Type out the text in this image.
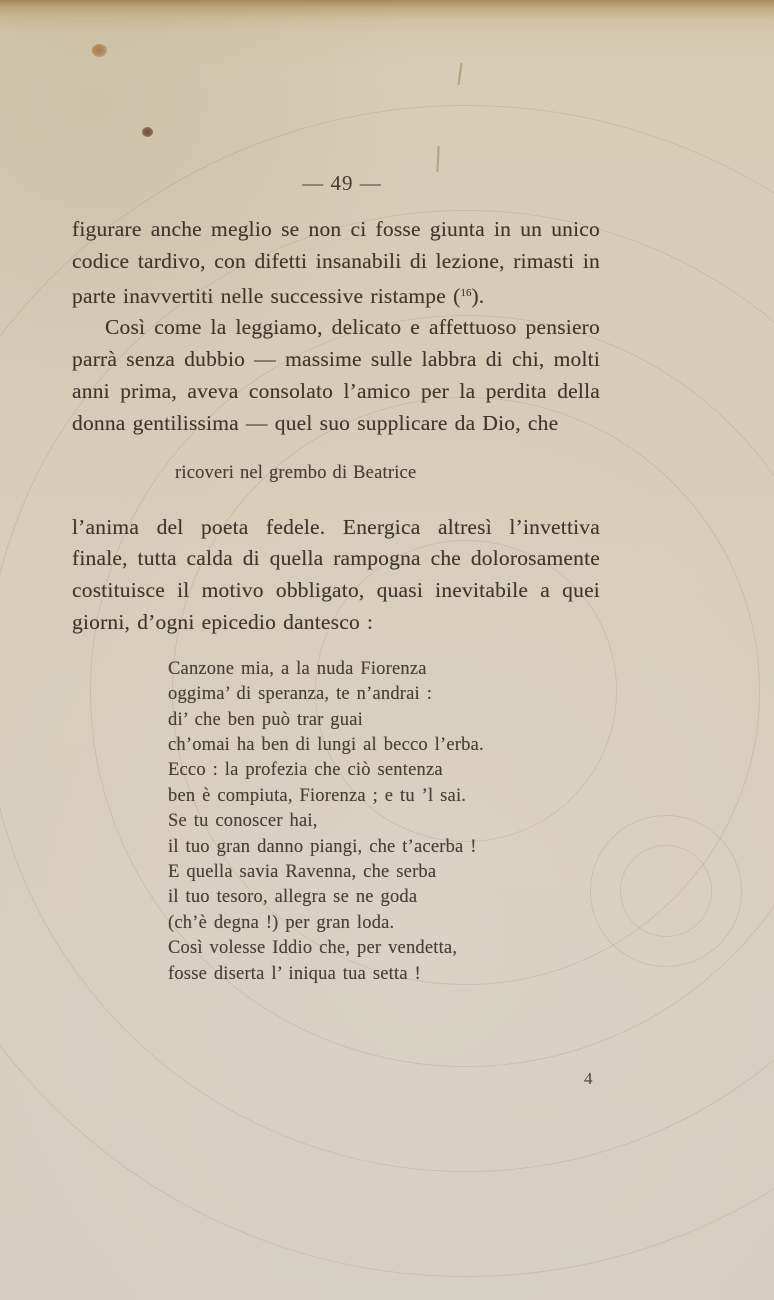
— 49 —

figurare anche meglio se non ci fosse giunta in un unico codice tardivo, con difetti insanabili di lezione, rimasti in parte inavvertiti nelle successive ristampe ($^{16}$).

Così come la leggiamo, delicato e affettuoso pensiero parrà senza dubbio — massime sulle labbra di chi, molti anni prima, aveva consolato l’amico per la perdita della donna gentilissima — quel suo supplicare da Dio, che

ricoveri nel grembo di Beatrice

l’anima del poeta fedele. Energica altresì l’invettiva finale, tutta calda di quella rampogna che dolorosamente costituisce il motivo obbligato, quasi inevitabile a quei giorni, d’ogni epicedio dantesco :

Canzone mia, a la nuda Fiorenza
oggima’ di speranza, te n’andrai :
di’ che ben può trar guai
ch’omai ha ben di lungi al becco l’erba.
Ecco : la profezia che ciò sentenza
ben è compiuta, Fiorenza ; e tu ’l sai.
Se tu conoscer hai,
il tuo gran danno piangi, che t’acerba !
E quella savia Ravenna, che serba
il tuo tesoro, allegra se ne goda
(ch’è degna !) per gran loda.
Così volesse Iddio che, per vendetta,
fosse diserta l’ iniqua tua setta !
4
